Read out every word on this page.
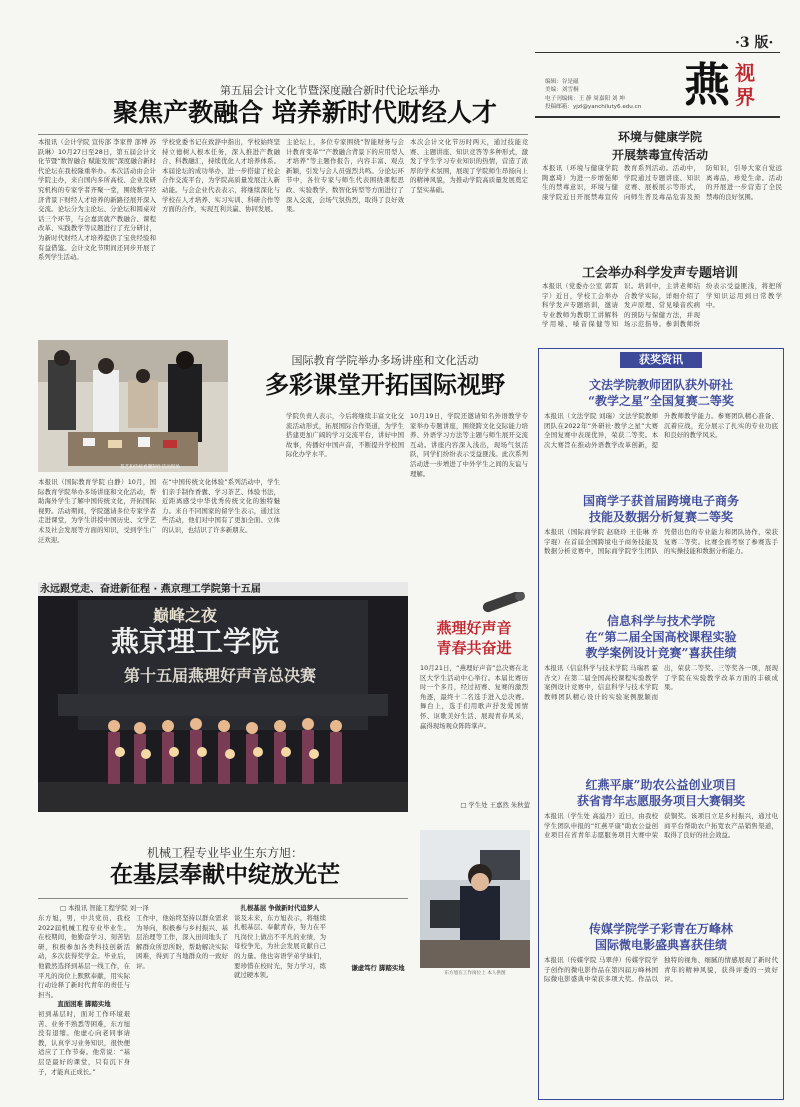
·3 版·
编辑：谷是磁
美编：刘雪桐
电子刊编辑：王 静 周嘉阳 刘 坤
投稿邮箱：yjzl@yanchiluty6.edu.cn 燕 视
界
第五届会计文化节暨深度融合新时代论坛举办
聚焦产教融合 培养新时代财经人才
本报讯（会计学院 宣传部 李家曾 部博 苏跃琳）10月27日至28日，第五届会计文化节暨“数智融合 赋能发展”深度融合新时代论坛在我校隆重举办。本次活动由会计学院主办，来自国内多所高校、企业及研究机构的专家学者齐聚一堂，围绕数字经济背景下财经人才培养的新路径展开深入交流。论坛分为主论坛、分论坛和圆桌对话三个环节，与会嘉宾就产教融合、课程改革、实践教学等议题进行了充分研讨，为新时代财经人才培养提供了宝贵经验和有益借鉴。会计文化节期间还同步开展了系列学生活动。
学校党委书记在致辞中指出，学校始终坚持立德树人根本任务，深入推进产教融合、科教融汇，持续优化人才培养体系。本届论坛的成功举办，进一步搭建了校企合作交流平台，为学院高质量发展注入新动能。与会企业代表表示，将继续深化与学校在人才培养、实习实训、科研合作等方面的合作，实现互利共赢、协同发展。
主论坛上，多位专家围绕“智能财务与会计教育变革”“产教融合背景下的应用型人才培养”等主题作报告，内容丰富、观点新颖，引发与会人员强烈共鸣。分论坛环节中，各位专家与师生代表围绕课程思政、实验教学、数智化转型等方面进行了深入交流，会场气氛热烈，取得了良好效果。
本次会计文化节历时两天，通过技能竞赛、主题讲座、知识竞答等多种形式，激发了学生学习专业知识的热情，营造了浓厚的学术氛围，展现了学院师生昂扬向上的精神风貌，为推动学院高质量发展奠定了坚实基础。
茶艺和传统香囊制作活动现场
国际教育学院举办多场讲座和文化活动
多彩课堂开拓国际视野
本报讯（国际教育学院 白静）10月，国际教育学院举办多场讲座和文化活动，帮助海外学生了解中国传统文化，开拓国际视野。活动期间，学院邀请多位专家学者走进课堂，为学生讲授中国历史、文学艺术及社会发展等方面的知识，受到学生广泛欢迎。
在“中国传统文化体验”系列活动中，学生们亲手制作香囊、学习茶艺、体验书法，近距离感受中华优秀传统文化的独特魅力。来自不同国家的留学生表示，通过这些活动，他们对中国有了更加全面、立体的认识，也结识了许多新朋友。
学院负责人表示，今后将继续丰富文化交流活动形式，拓展国际合作渠道，为学生搭建更加广阔的学习交流平台，讲好中国故事，传播好中国声音，不断提升学校国际化办学水平。
10月19日，学院还邀请知名外语教学专家举办专题讲座，围绕跨文化交际能力培养、外语学习方法等主题与师生展开交流互动。讲座内容深入浅出，现场气氛活跃，同学们纷纷表示受益匪浅。此次系列活动进一步增进了中外学生之间的友谊与理解。
永远跟党走、奋进新征程 · 燕京理工学院第十五届
巅峰之夜
燕京理工学院
第十五届燕理好声音总决赛
燕理好声音
青春共奋进
10月21日，“燕理好声音”总决赛在北区大学生活动中心举行。本届比赛历时一个多月，经过初赛、复赛的激烈角逐，最终十二名选手进入总决赛。舞台上，选手们用歌声抒发爱国情怀、讴歌美好生活、展现青春风采，赢得现场观众阵阵掌声。
□ 学生处 王嘉然 朱秋萤
机械工程专业毕业生东方旭：
在基层奉献中绽放光芒
□ 本报讯 智能工程学院 刘一泽
东方旭，男，中共党员，我校2022届机械工程专业毕业生。在校期间，他勤奋学习、刻苦钻研，积极参加各类科技创新活动，多次获得奖学金。毕业后，他毅然选择到基层一线工作，在平凡的岗位上默默奉献，用实际行动诠释了新时代青年的责任与担当。
直面困难 脚踏实地
初到基层时，面对工作环境艰苦、业务不熟悉等困难，东方旭没有退缩。他虚心向老同事请教，认真学习业务知识，很快便适应了工作节奏。他常说：“基层是最好的课堂，只有沉下身子，才能真正成长。”
工作中，他始终坚持以群众需求为导向，积极参与乡村振兴、基层治理等工作，深入田间地头了解群众所思所盼，帮助解决实际困难，得到了当地群众的一致好评。
扎根基层 争做新时代追梦人
谈及未来，东方旭表示，将继续扎根基层、奉献青春，努力在平凡岗位上做出不平凡的业绩，为母校争光，为社会发展贡献自己的力量。他也寄语学弟学妹们，要珍惜在校时光，努力学习，练就过硬本领。	东方旭在工作岗位上 本人供图
谦虚笃行 脚踏实地
环境与健康学院
开展禁毒宣传活动
本报讯（环境与健康学院 陶嘉琦）为进一步增强师生的禁毒意识，环境与健康学院近日开展禁毒宣传教育系列活动。活动中，学院通过专题讲座、知识竞赛、展板展示等形式，向师生普及毒品危害及预防知识，引导大家自觉远离毒品，珍爱生命。活动的开展进一步营造了全民禁毒的良好氛围。
工会举办科学发声专题培训
本报讯（党委办公室 郭霄宇）近日，学校工会举办科学发声专题培训，邀请专业教师为教职工讲解科学用嗓、嗓音保健等知识。培训中，主讲老师结合教学实际，详细介绍了发声原理、常见嗓音疾病的预防与保健方法，并现场示范指导。参训教师纷纷表示受益匪浅，将把所学知识运用到日常教学中。
获奖资讯
文法学院教师团队获外研社
“教学之星”全国复赛二等奖
本报讯（文法学院 刘瑞）文法学院教师团队在2022年“外研社·教学之星”大赛全国复赛中表现优异，荣获二等奖。本次大赛旨在推动外语教学改革创新，提升教师教学能力。参赛团队精心准备、沉着应战，充分展示了扎实的专业功底和良好的教学风采。
国商学子获首届跨境电子商务
技能及数据分析复赛二等奖
本报讯（国际商学院 赵晓玲 王佳琳 乔宇琨）在首届全国跨境电子商务技能及数据分析竞赛中，国际商学院学生团队凭借出色的专业能力和团队协作，荣获复赛二等奖。比赛全面考察了参赛选手的实操技能和数据分析能力。
信息科学与技术学院
在“第二届全国高校课程实验
教学案例设计竞赛”喜获佳绩
本报讯（信息科学与技术学院 马瑞君 霍杏文）在第二届全国高校课程实验教学案例设计竞赛中，信息科学与技术学院教师团队精心设计的实验案例脱颖而出，荣获二等奖、三等奖各一项，展现了学院在实验教学改革方面的丰硕成果。
红燕平康”助农公益创业项目
获省青年志愿服务项目大赛铜奖
本报讯（学生处 高溢丹）近日，由我校学生团队申报的“红燕平康”助农公益创业项目在省青年志愿服务项目大赛中荣获铜奖。该项目立足乡村振兴，通过电商平台帮助农户拓宽农产品销售渠道，取得了良好的社会效益。
传媒学院学子彩青在万峰林
国际微电影盛典喜获佳绩
本报讯（传媒学院 马翠萍）传媒学院学子创作的微电影作品在第四届万峰林国际微电影盛典中荣获多项大奖。作品以独特的视角、细腻的情感展现了新时代青年的精神风貌，获得评委的一致好评。
